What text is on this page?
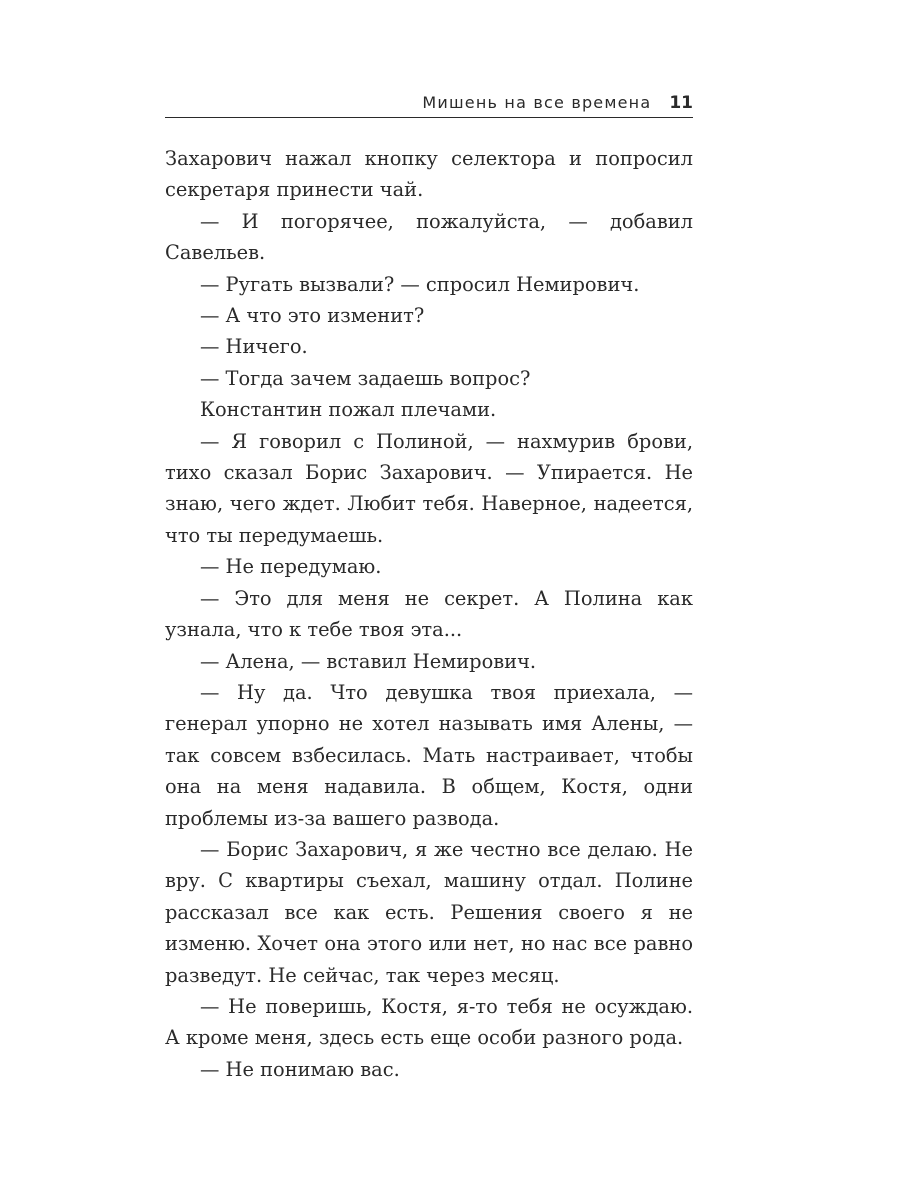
Мишень на все времена 11

Захарович нажал кнопку селектора и попросил секретаря принести чай.

— И погорячее, пожалуйста, — добавил Савельев.

— Ругать вызвали? — спросил Немирович.

— А что это изменит?

— Ничего.

— Тогда зачем задаешь вопрос?

Константин пожал плечами.

— Я говорил с Полиной, — нахмурив брови, тихо сказал Борис Захарович. — Упирается. Не знаю, чего ждет. Любит тебя. Наверное, надеется, что ты передумаешь.

— Не передумаю.

— Это для меня не секрет. А Полина как узнала, что к тебе твоя эта...

— Алена, — вставил Немирович.

— Ну да. Что девушка твоя приехала, — генерал упорно не хотел называть имя Алены, — так совсем взбесилась. Мать настраивает, чтобы она на меня надавила. В общем, Костя, одни проблемы из-за вашего развода.

— Борис Захарович, я же честно все делаю. Не вру. С квартиры съехал, машину отдал. Полине рассказал все как есть. Решения своего я не изменю. Хочет она этого или нет, но нас все равно разведут. Не сейчас, так через месяц.

— Не поверишь, Костя, я-то тебя не осуждаю. А кроме меня, здесь есть еще особи разного рода.

— Не понимаю вас.
